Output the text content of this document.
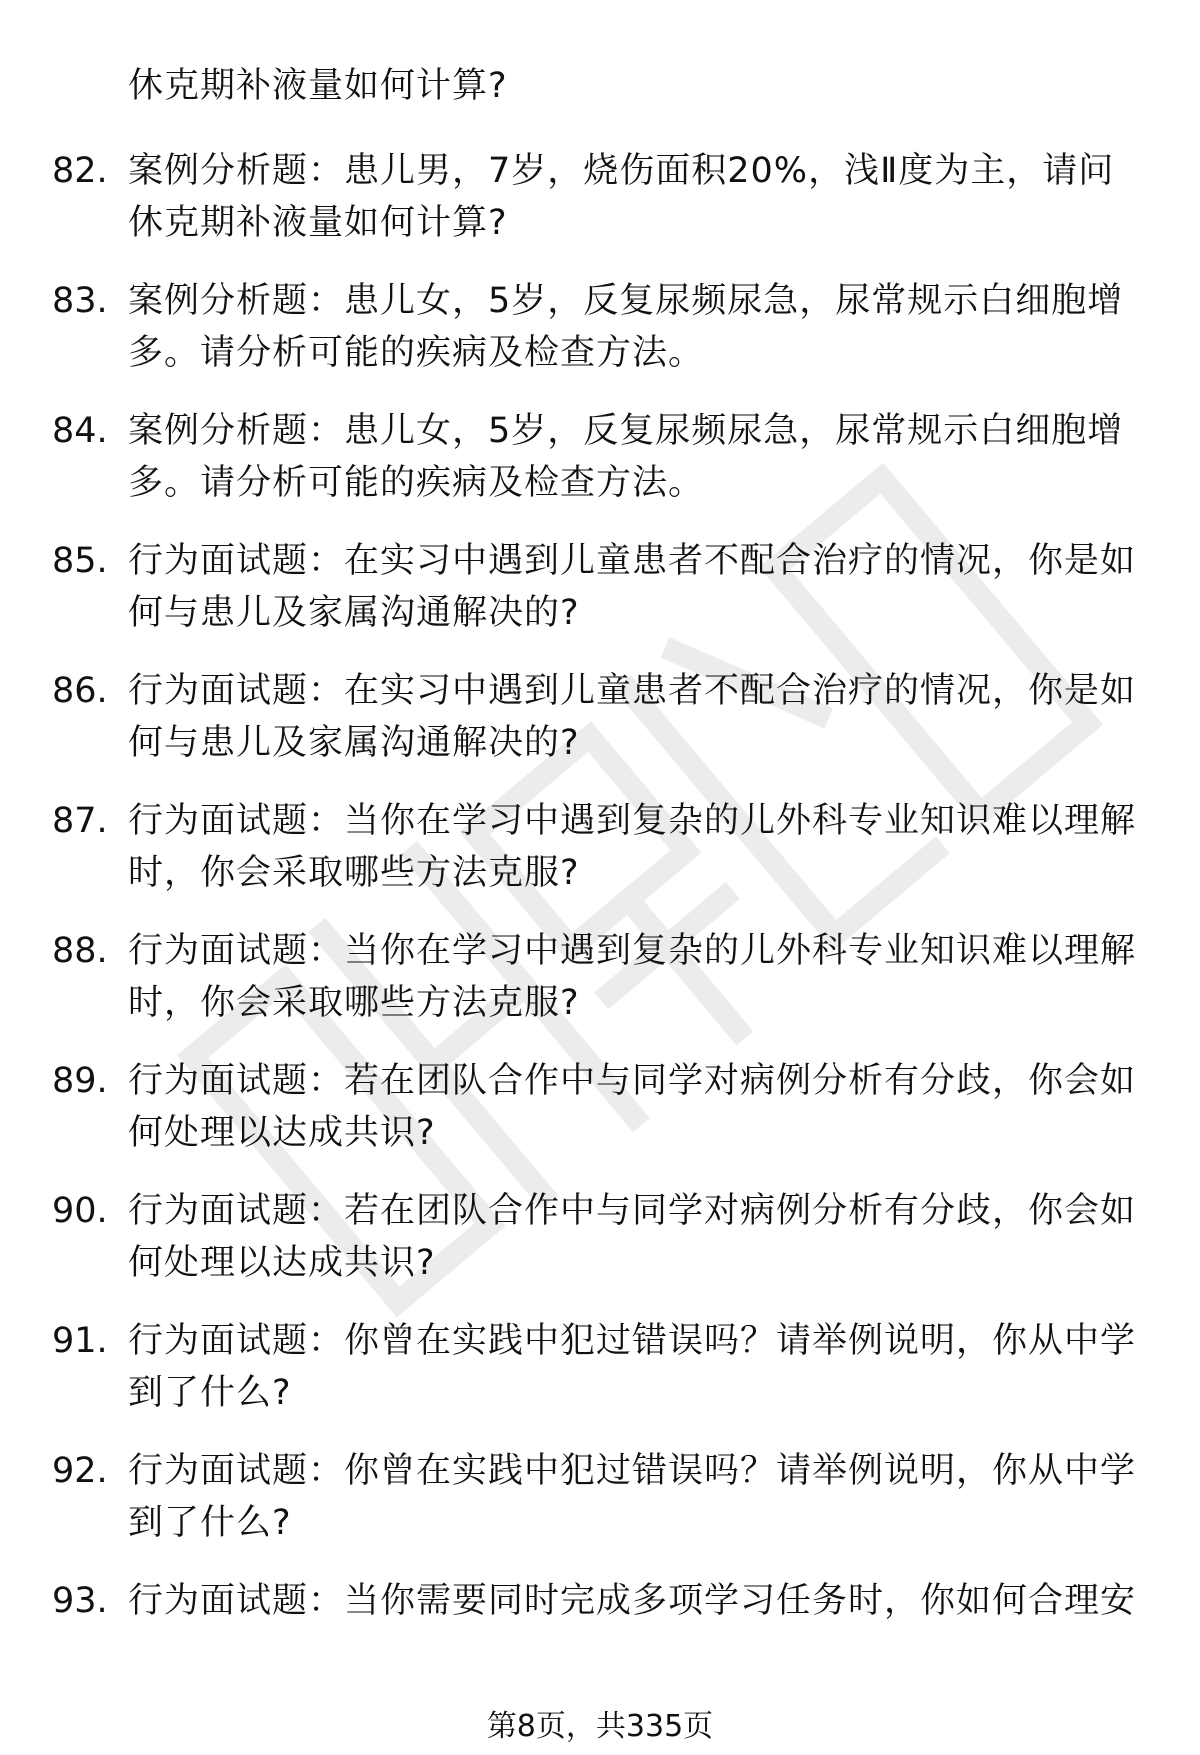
休克期补液量如何计算?
82. 案例分析题：患儿男，7岁，烧伤面积20%，浅Ⅱ度为主，请问休克期补液量如何计算?
83. 案例分析题：患儿女，5岁，反复尿频尿急，尿常规示白细胞增多。请分析可能的疾病及检查方法。
84. 案例分析题：患儿女，5岁，反复尿频尿急，尿常规示白细胞增多。请分析可能的疾病及检查方法。
85. 行为面试题：在实习中遇到儿童患者不配合治疗的情况，你是如何与患儿及家属沟通解决的?
86. 行为面试题：在实习中遇到儿童患者不配合治疗的情况，你是如何与患儿及家属沟通解决的?
87. 行为面试题：当你在学习中遇到复杂的儿外科专业知识难以理解时，你会采取哪些方法克服?
88. 行为面试题：当你在学习中遇到复杂的儿外科专业知识难以理解时，你会采取哪些方法克服?
89. 行为面试题：若在团队合作中与同学对病例分析有分歧，你会如何处理以达成共识?
90. 行为面试题：若在团队合作中与同学对病例分析有分歧，你会如何处理以达成共识?
91. 行为面试题：你曾在实践中犯过错误吗？请举例说明，你从中学到了什么?
92. 行为面试题：你曾在实践中犯过错误吗？请举例说明，你从中学到了什么?
93. 行为面试题：当你需要同时完成多项学习任务时，你如何合理安
第8页，共335页
